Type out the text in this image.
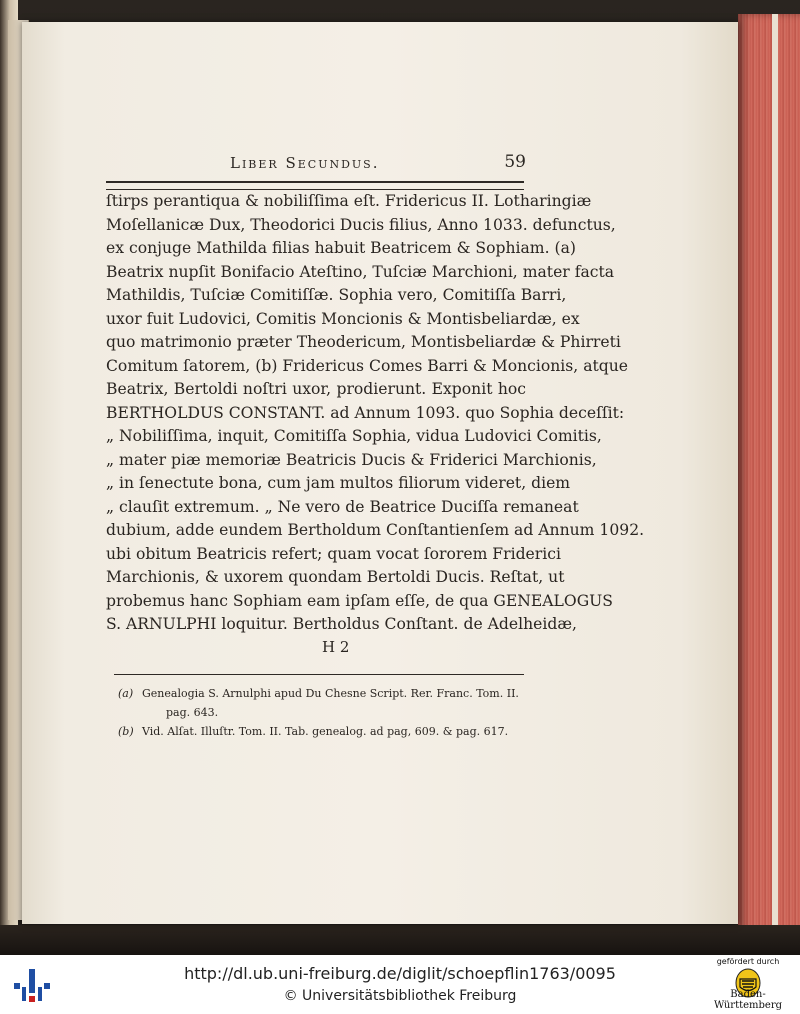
Liber Secundus.	59
ſtirps perantiqua & nobiliſſima eſt. Fridericus II. Lotharingiæ
Moſellanicæ Dux, Theodorici Ducis filius, Anno 1033. defunctus,
ex conjuge Mathilda filias habuit Beatricem & Sophiam. (a)
Beatrix nupſit Bonifacio Ateſtino, Tuſciæ Marchioni, mater facta
Mathildis, Tuſciæ Comitiſſæ. Sophia vero, Comitiſſa Barri,
uxor fuit Ludovici, Comitis Moncionis & Montisbeliardæ, ex
quo matrimonio præter Theodericum, Montisbeliardæ & Phirreti
Comitum ſatorem, (b) Fridericus Comes Barri & Moncionis, atque
Beatrix, Bertoldi noſtri uxor, prodierunt. Exponit hoc
BERTHOLDUS CONSTANT. ad Annum 1093. quo Sophia deceſſit:
„ Nobiliſſima, inquit, Comitiſſa Sophia, vidua Ludovici Comitis,
„ mater piæ memoriæ Beatricis Ducis & Friderici Marchionis,
„ in ſenectute bona, cum jam multos filiorum videret, diem
„ clauſit extremum. „ Ne vero de Beatrice Duciſſa remaneat
dubium, adde eundem Bertholdum Conſtantienſem ad Annum 1092.
ubi obitum Beatricis refert; quam vocat ſororem Friderici
Marchionis, & uxorem quondam Bertoldi Ducis. Reſtat, ut
probemus hanc Sophiam eam ipſam eſſe, de qua GENEALOGUS
S. ARNULPHI loquitur. Bertholdus Conſtant. de Adelheidæ,
H 2
(a) Genealogia S. Arnulphi apud Du Chesne Script. Rer. Franc. Tom. II.
pag. 643.
(b) Vid. Alſat. Illuſtr. Tom. II. Tab. genealog. ad pag, 609. & pag. 617.
http://dl.ub.uni-freiburg.de/diglit/schoepflin1763/0095
© Universitätsbibliothek Freiburg
gefördert durch
Baden-Württemberg
